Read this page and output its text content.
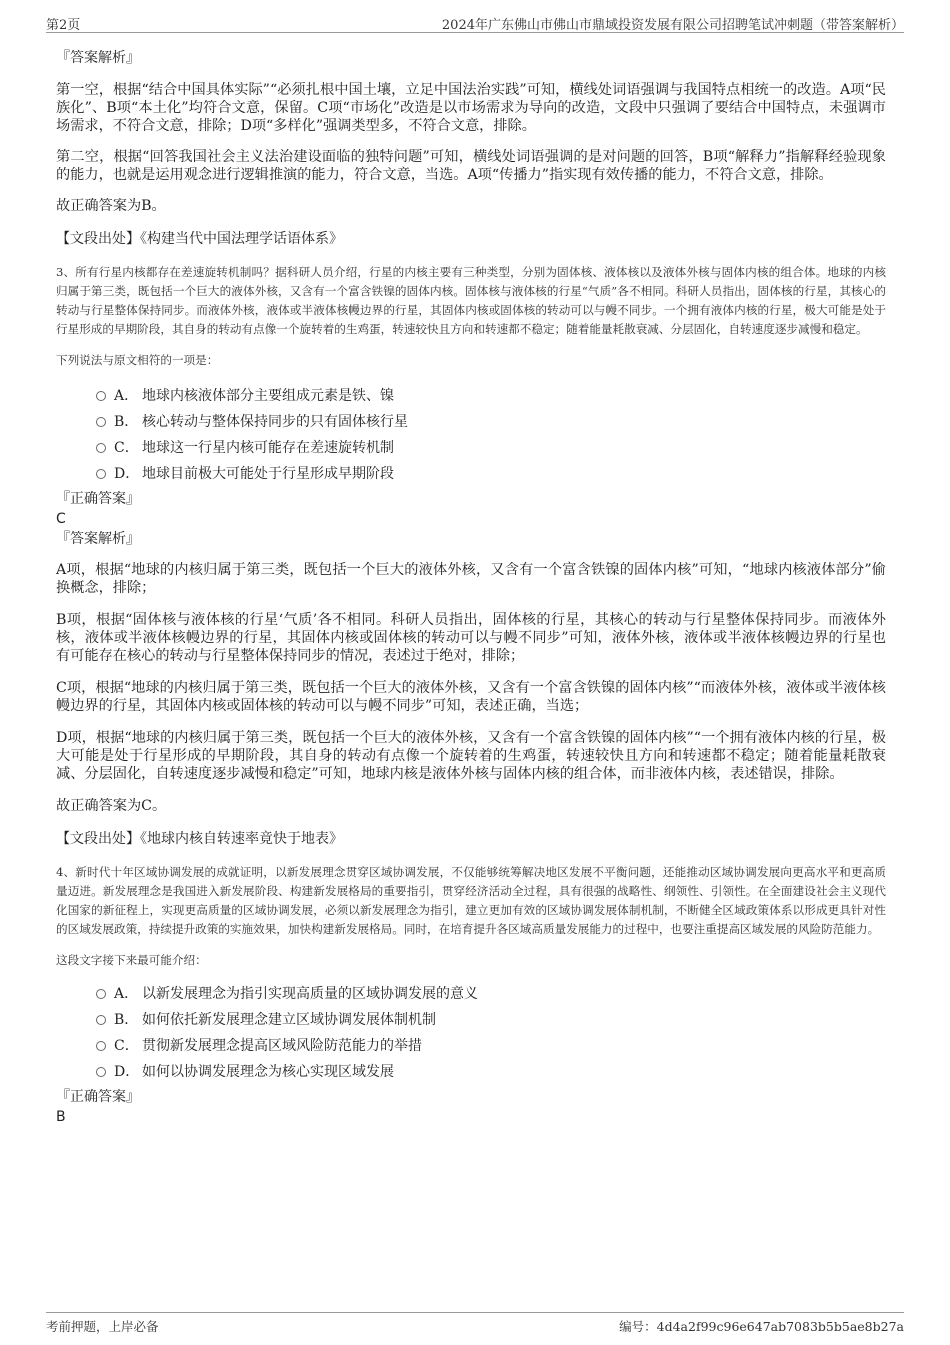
第2页	2024年广东佛山市佛山市鼎域投资发展有限公司招聘笔试冲刺题（带答案解析）

『答案解析』

第一空，根据“结合中国具体实际”“必须扎根中国土壤，立足中国法治实践”可知，横线处词语强调与我国特点相统一的改造。A项“民族化”、B项“本土化”均符合文意，保留。C项“市场化”改造是以市场需求为导向的改造，文段中只强调了要结合中国特点，未强调市场需求，不符合文意，排除；D项“多样化”强调类型多，不符合文意，排除。

第二空，根据“回答我国社会主义法治建设面临的独特问题”可知，横线处词语强调的是对问题的回答，B项“解释力”指解释经验现象的能力，也就是运用观念进行逻辑推演的能力，符合文意，当选。A项“传播力”指实现有效传播的能力，不符合文意，排除。

故正确答案为B。

【文段出处】《构建当代中国法理学话语体系》

3、所有行星内核都存在差速旋转机制吗？据科研人员介绍，行星的内核主要有三种类型，分别为固体核、液体核以及液体外核与固体内核的组合体。地球的内核归属于第三类，既包括一个巨大的液体外核，又含有一个富含铁镍的固体内核。固体核与液体核的行星“气质”各不相同。科研人员指出，固体核的行星，其核心的转动与行星整体保持同步。而液体外核，液体或半液体核幔边界的行星，其固体内核或固体核的转动可以与幔不同步。一个拥有液体内核的行星，极大可能是处于行星形成的早期阶段，其自身的转动有点像一个旋转着的生鸡蛋，转速较快且方向和转速都不稳定；随着能量耗散衰减、分层固化，自转速度逐步减慢和稳定。

下列说法与原文相符的一项是：

A． 地球内核液体部分主要组成元素是铁、镍
B． 核心转动与整体保持同步的只有固体核行星
C． 地球这一行星内核可能存在差速旋转机制
D． 地球目前极大可能处于行星形成早期阶段

『正确答案』

C

『答案解析』

A项，根据“地球的内核归属于第三类，既包括一个巨大的液体外核，又含有一个富含铁镍的固体内核”可知，“地球内核液体部分”偷换概念，排除；

B项，根据“固体核与液体核的行星‘气质’各不相同。科研人员指出，固体核的行星，其核心的转动与行星整体保持同步。而液体外核，液体或半液体核幔边界的行星，其固体内核或固体核的转动可以与幔不同步”可知，液体外核，液体或半液体核幔边界的行星也有可能存在核心的转动与行星整体保持同步的情况，表述过于绝对，排除；

C项，根据“地球的内核归属于第三类，既包括一个巨大的液体外核，又含有一个富含铁镍的固体内核”“而液体外核，液体或半液体核幔边界的行星，其固体内核或固体核的转动可以与幔不同步”可知，表述正确，当选；

D项，根据“地球的内核归属于第三类，既包括一个巨大的液体外核，又含有一个富含铁镍的固体内核”“一个拥有液体内核的行星，极大可能是处于行星形成的早期阶段，其自身的转动有点像一个旋转着的生鸡蛋，转速较快且方向和转速都不稳定；随着能量耗散衰减、分层固化，自转速度逐步减慢和稳定”可知，地球内核是液体外核与固体内核的组合体，而非液体内核，表述错误，排除。

故正确答案为C。

【文段出处】《地球内核自转速率竟快于地表》

4、新时代十年区域协调发展的成就证明，以新发展理念贯穿区域协调发展，不仅能够统筹解决地区发展不平衡问题，还能推动区域协调发展向更高水平和更高质量迈进。新发展理念是我国进入新发展阶段、构建新发展格局的重要指引，贯穿经济活动全过程，具有很强的战略性、纲领性、引领性。在全面建设社会主义现代化国家的新征程上，实现更高质量的区域协调发展，必须以新发展理念为指引，建立更加有效的区域协调发展体制机制，不断健全区域政策体系以形成更具针对性的区域发展政策，持续提升政策的实施效果，加快构建新发展格局。同时，在培育提升各区域高质量发展能力的过程中，也要注重提高区域发展的风险防范能力。

这段文字接下来最可能介绍：

A． 以新发展理念为指引实现高质量的区域协调发展的意义
B． 如何依托新发展理念建立区域协调发展体制机制
C． 贯彻新发展理念提高区域风险防范能力的举措
D． 如何以协调发展理念为核心实现区域发展

『正确答案』

B

考前押题，上岸必备	编号：4d4a2f99c96e647ab7083b5b5ae8b27a
